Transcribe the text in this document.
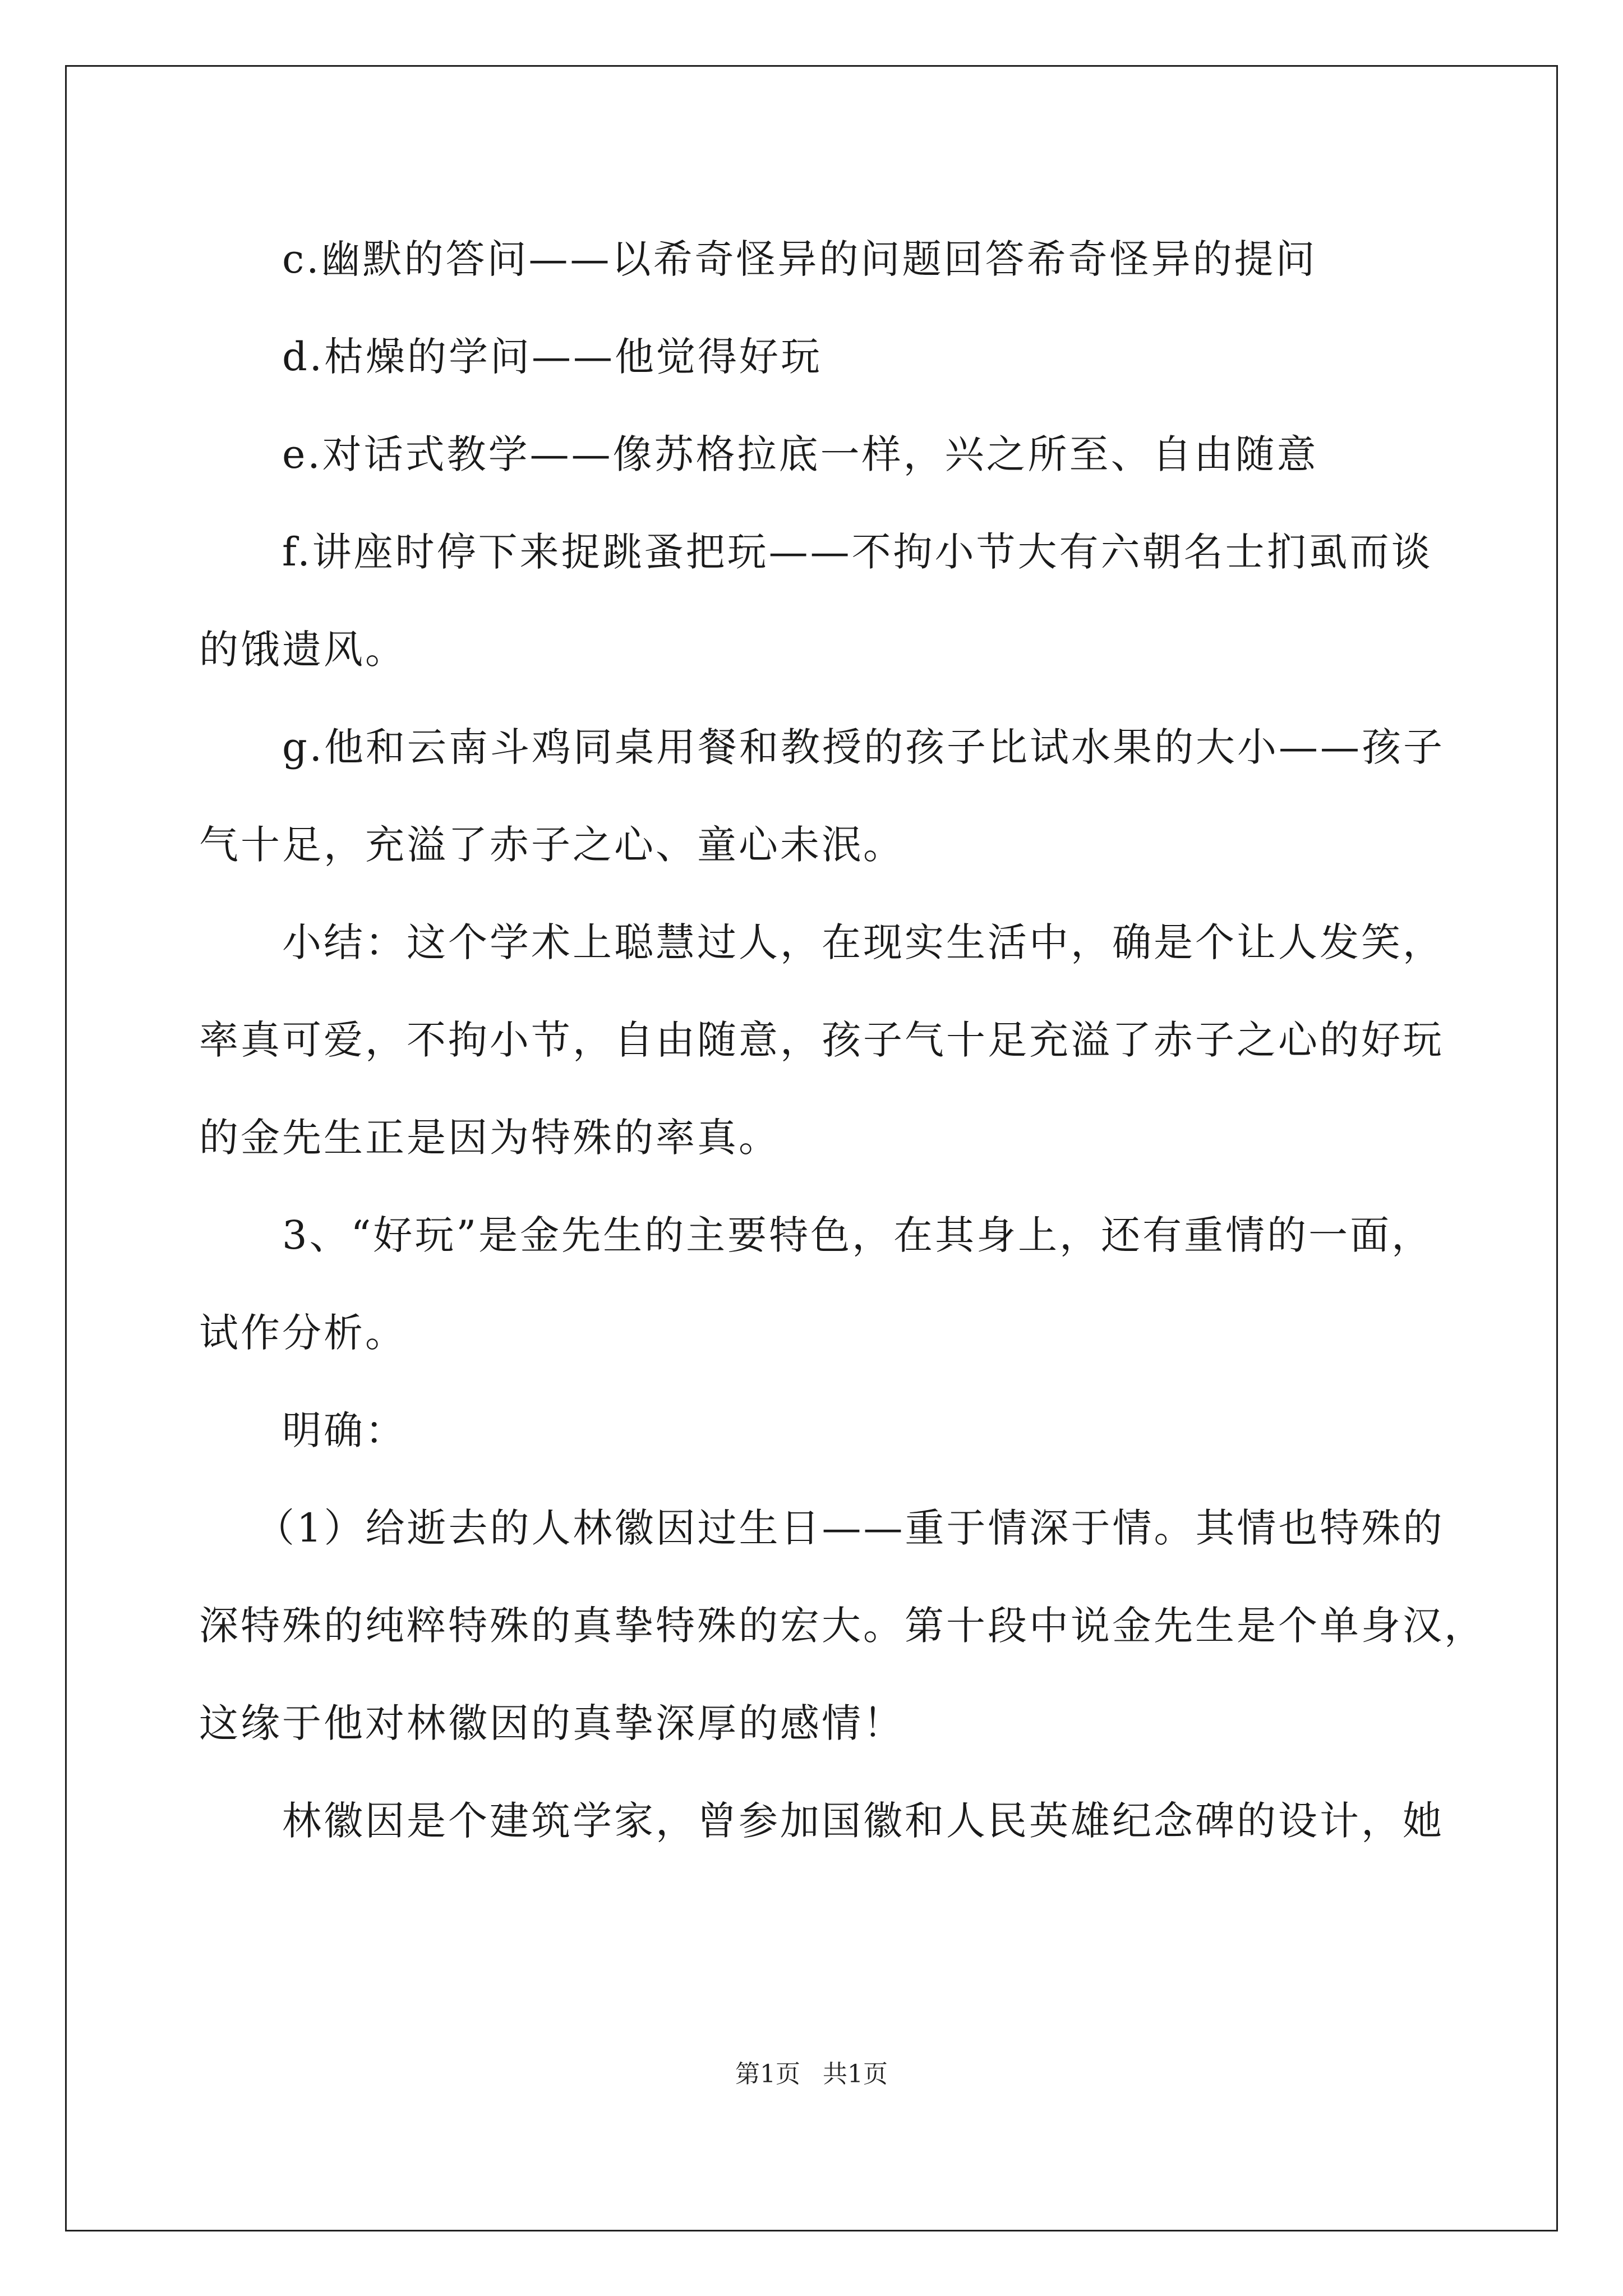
c.幽默的答问——以希奇怪异的问题回答希奇怪异的提问

d.枯燥的学问——他觉得好玩

e.对话式教学——像苏格拉底一样，兴之所至、自由随意

f.讲座时停下来捉跳蚤把玩——不拘小节大有六朝名士扪虱而谈

的饿遗风。

g.他和云南斗鸡同桌用餐和教授的孩子比试水果的大小——孩子

气十足，充溢了赤子之心、童心未泯。

小结：这个学术上聪慧过人，在现实生活中，确是个让人发笑，

率真可爱，不拘小节，自由随意，孩子气十足充溢了赤子之心的好玩

的金先生正是因为特殊的率真。

3、“好玩”是金先生的主要特色，在其身上，还有重情的一面，

试作分析。

明确：

（1）给逝去的人林徽因过生日——重于情深于情。其情也特殊的

深特殊的纯粹特殊的真挚特殊的宏大。第十段中说金先生是个单身汉，

这缘于他对林徽因的真挚深厚的感情！

林徽因是个建筑学家，曾参加国徽和人民英雄纪念碑的设计，她

第1页 共1页
